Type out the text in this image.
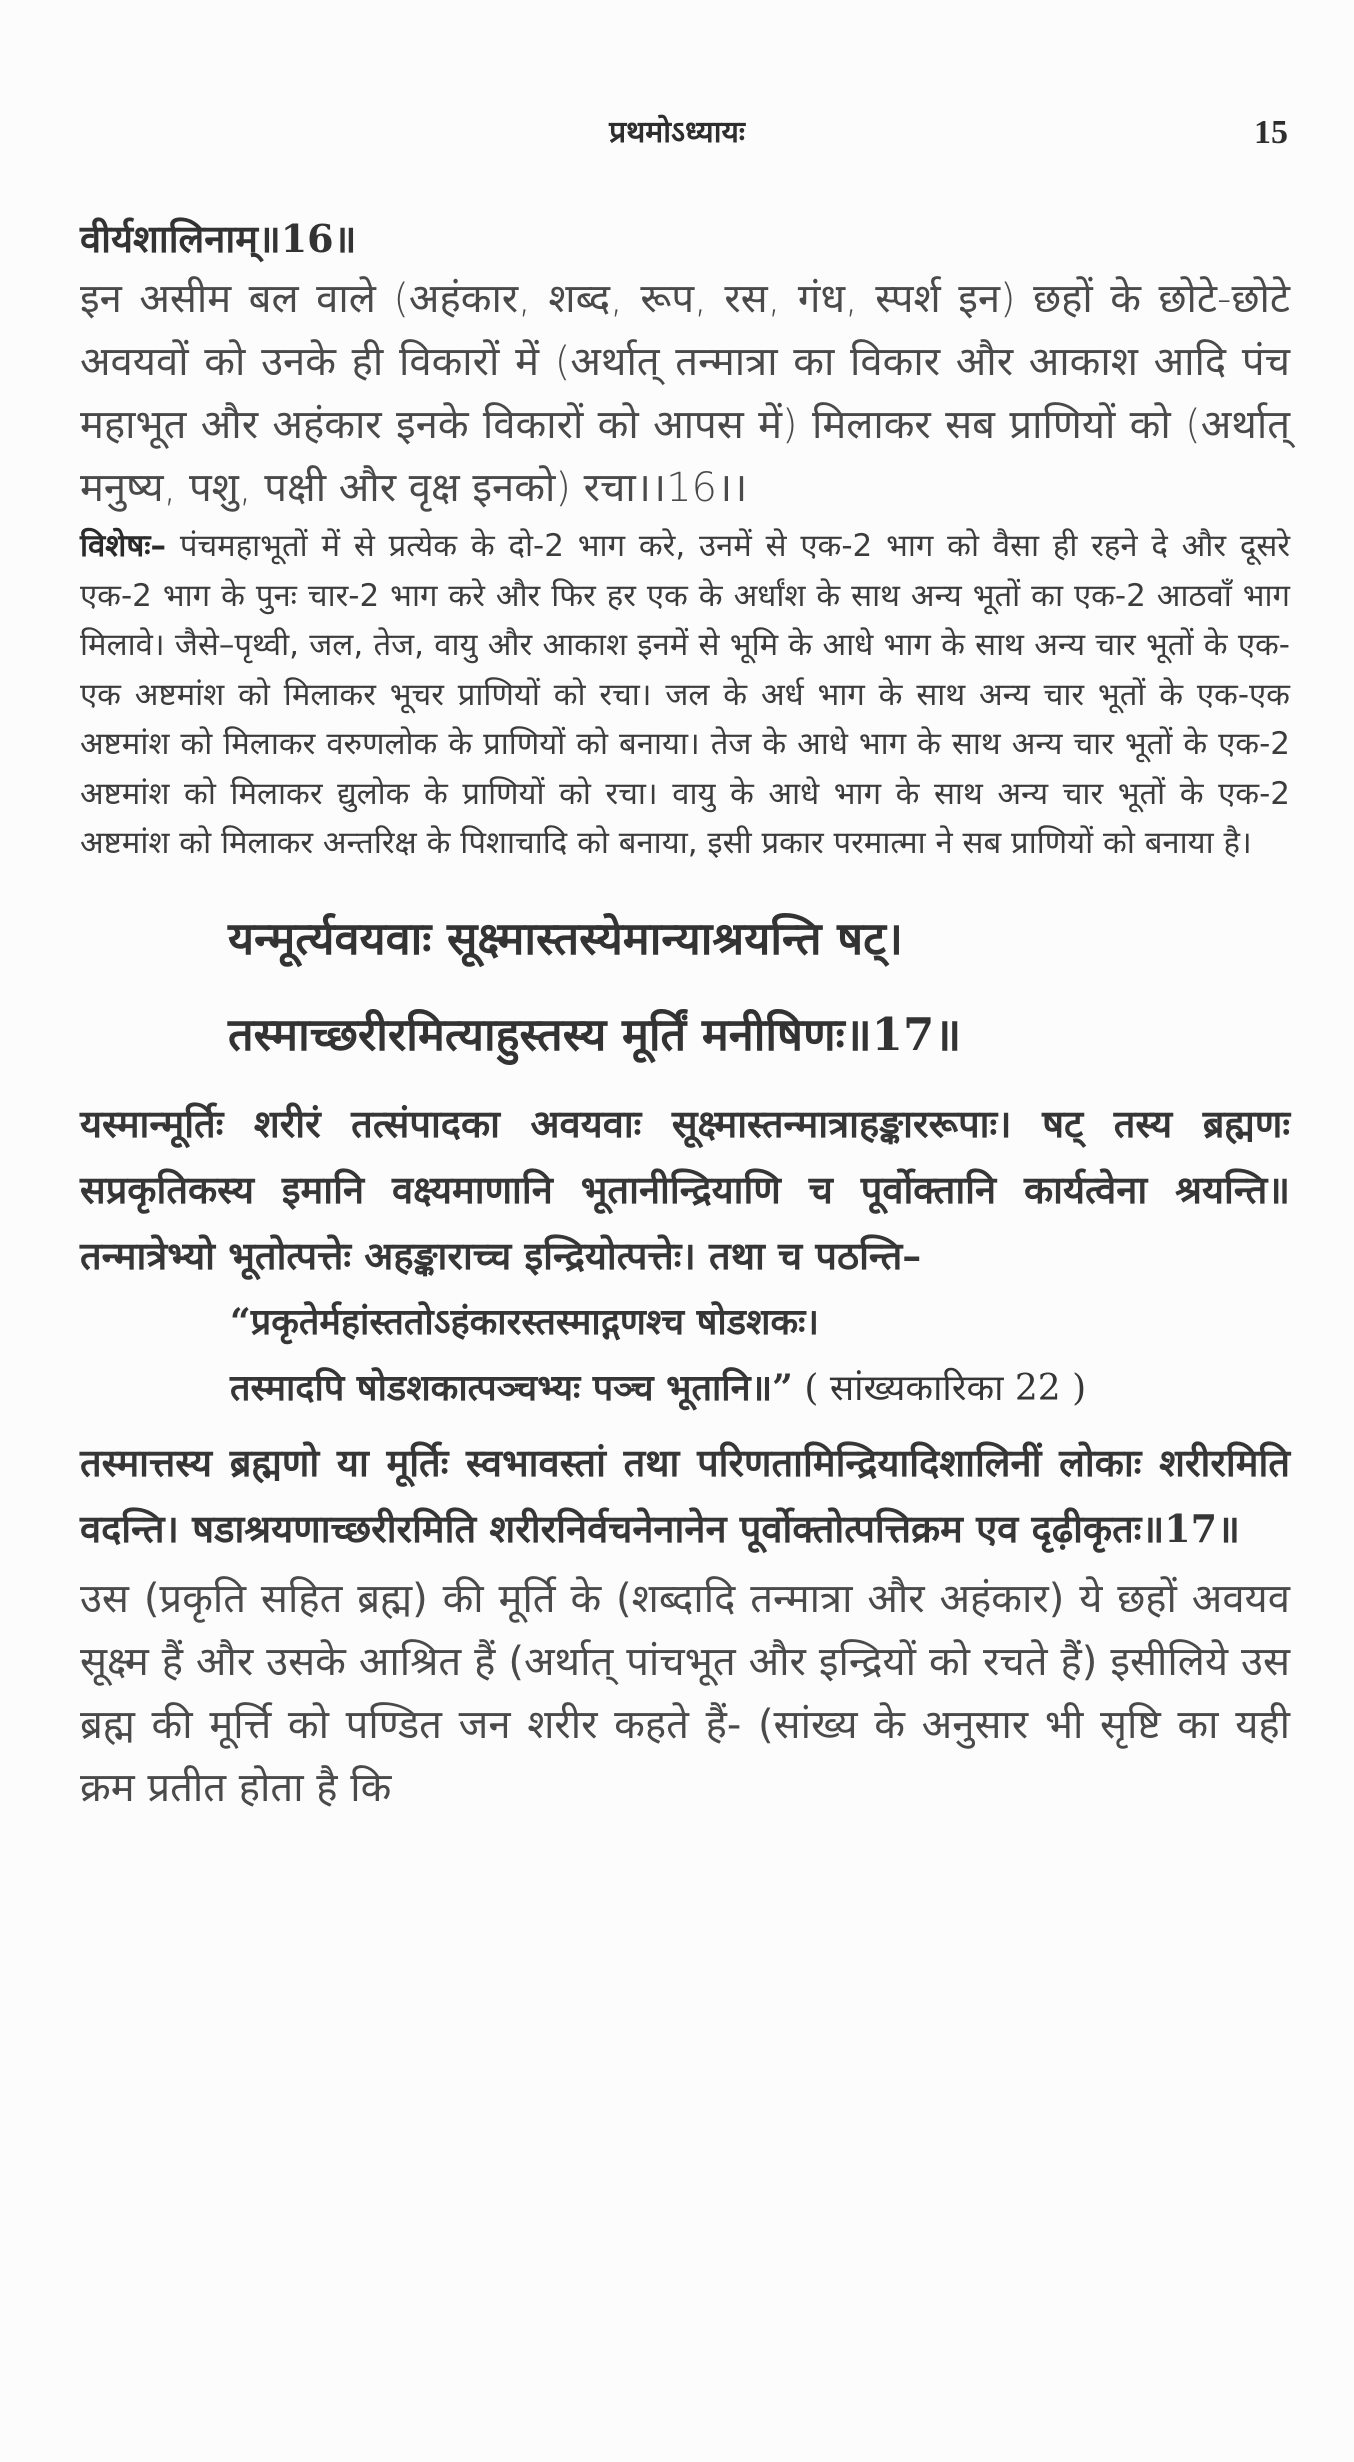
प्रथमोऽध्यायः	15
वीर्यशालिनाम्॥16॥
इन असीम बल वाले (अहंकार, शब्द, रूप, रस, गंध, स्पर्श इन) छहों के छोटे-छोटे अवयवों को उनके ही विकारों में (अर्थात् तन्मात्रा का विकार और आकाश आदि पंच महाभूत और अहंकार इनके विकारों को आपस में) मिलाकर सब प्राणियों को (अर्थात् मनुष्य, पशु, पक्षी और वृक्ष इनको) रचा।।16।।
विशेषः– पंचमहाभूतों में से प्रत्येक के दो-2 भाग करे, उनमें से एक-2 भाग को वैसा ही रहने दे और दूसरे एक-2 भाग के पुनः चार-2 भाग करे और फिर हर एक के अर्धांश के साथ अन्य भूतों का एक-2 आठवाँ भाग मिलावे। जैसे–पृथ्वी, जल, तेज, वायु और आकाश इनमें से भूमि के आधे भाग के साथ अन्य चार भूतों के एक-एक अष्टमांश को मिलाकर भूचर प्राणियों को रचा। जल के अर्ध भाग के साथ अन्य चार भूतों के एक-एक अष्टमांश को मिलाकर वरुणलोक के प्राणियों को बनाया। तेज के आधे भाग के साथ अन्य चार भूतों के एक-2 अष्टमांश को मिलाकर द्युलोक के प्राणियों को रचा। वायु के आधे भाग के साथ अन्य चार भूतों के एक-2 अष्टमांश को मिलाकर अन्तरिक्ष के पिशाचादि को बनाया, इसी प्रकार परमात्मा ने सब प्राणियों को बनाया है।
यन्मूर्त्यवयवाः सूक्ष्मास्तस्येमान्याश्रयन्ति षट्।
तस्माच्छरीरमित्याहुस्तस्य मूर्तिं मनीषिणः॥17॥
यस्मान्मूर्तिः शरीरं तत्संपादका अवयवाः सूक्ष्मास्तन्मात्राहङ्काररूपाः। षट् तस्य ब्रह्मणः सप्रकृतिकस्य इमानि वक्ष्यमाणानि भूतानीन्द्रियाणि च पूर्वोक्तानि कार्यत्वेना श्रयन्ति॥ तन्मात्रेभ्यो भूतोत्पत्तेः अहङ्काराच्च इन्द्रियोत्पत्तेः। तथा च पठन्ति–
“प्रकृतेर्महांस्ततोऽहंकारस्तस्माद्गणश्च षोडशकः।
तस्मादपि षोडशकात्पञ्चभ्यः पञ्च भूतानि॥” ( सांख्यकारिका 22 )
तस्मात्तस्य ब्रह्मणो या मूर्तिः स्वभावस्तां तथा परिणतामिन्द्रियादिशालिनीं लोकाः शरीरमिति वदन्ति। षडाश्रयणाच्छरीरमिति शरीरनिर्वचनेनानेन पूर्वोक्तोत्पत्तिक्रम एव दृढ़ीकृतः॥17॥
उस (प्रकृति सहित ब्रह्म) की मूर्ति के (शब्दादि तन्मात्रा और अहंकार) ये छहों अवयव सूक्ष्म हैं और उसके आश्रित हैं (अर्थात् पांचभूत और इन्द्रियों को रचते हैं) इसीलिये उस ब्रह्म की मूर्त्ति को पण्डित जन शरीर कहते हैं- (सांख्य के अनुसार भी सृष्टि का यही क्रम प्रतीत होता है कि
